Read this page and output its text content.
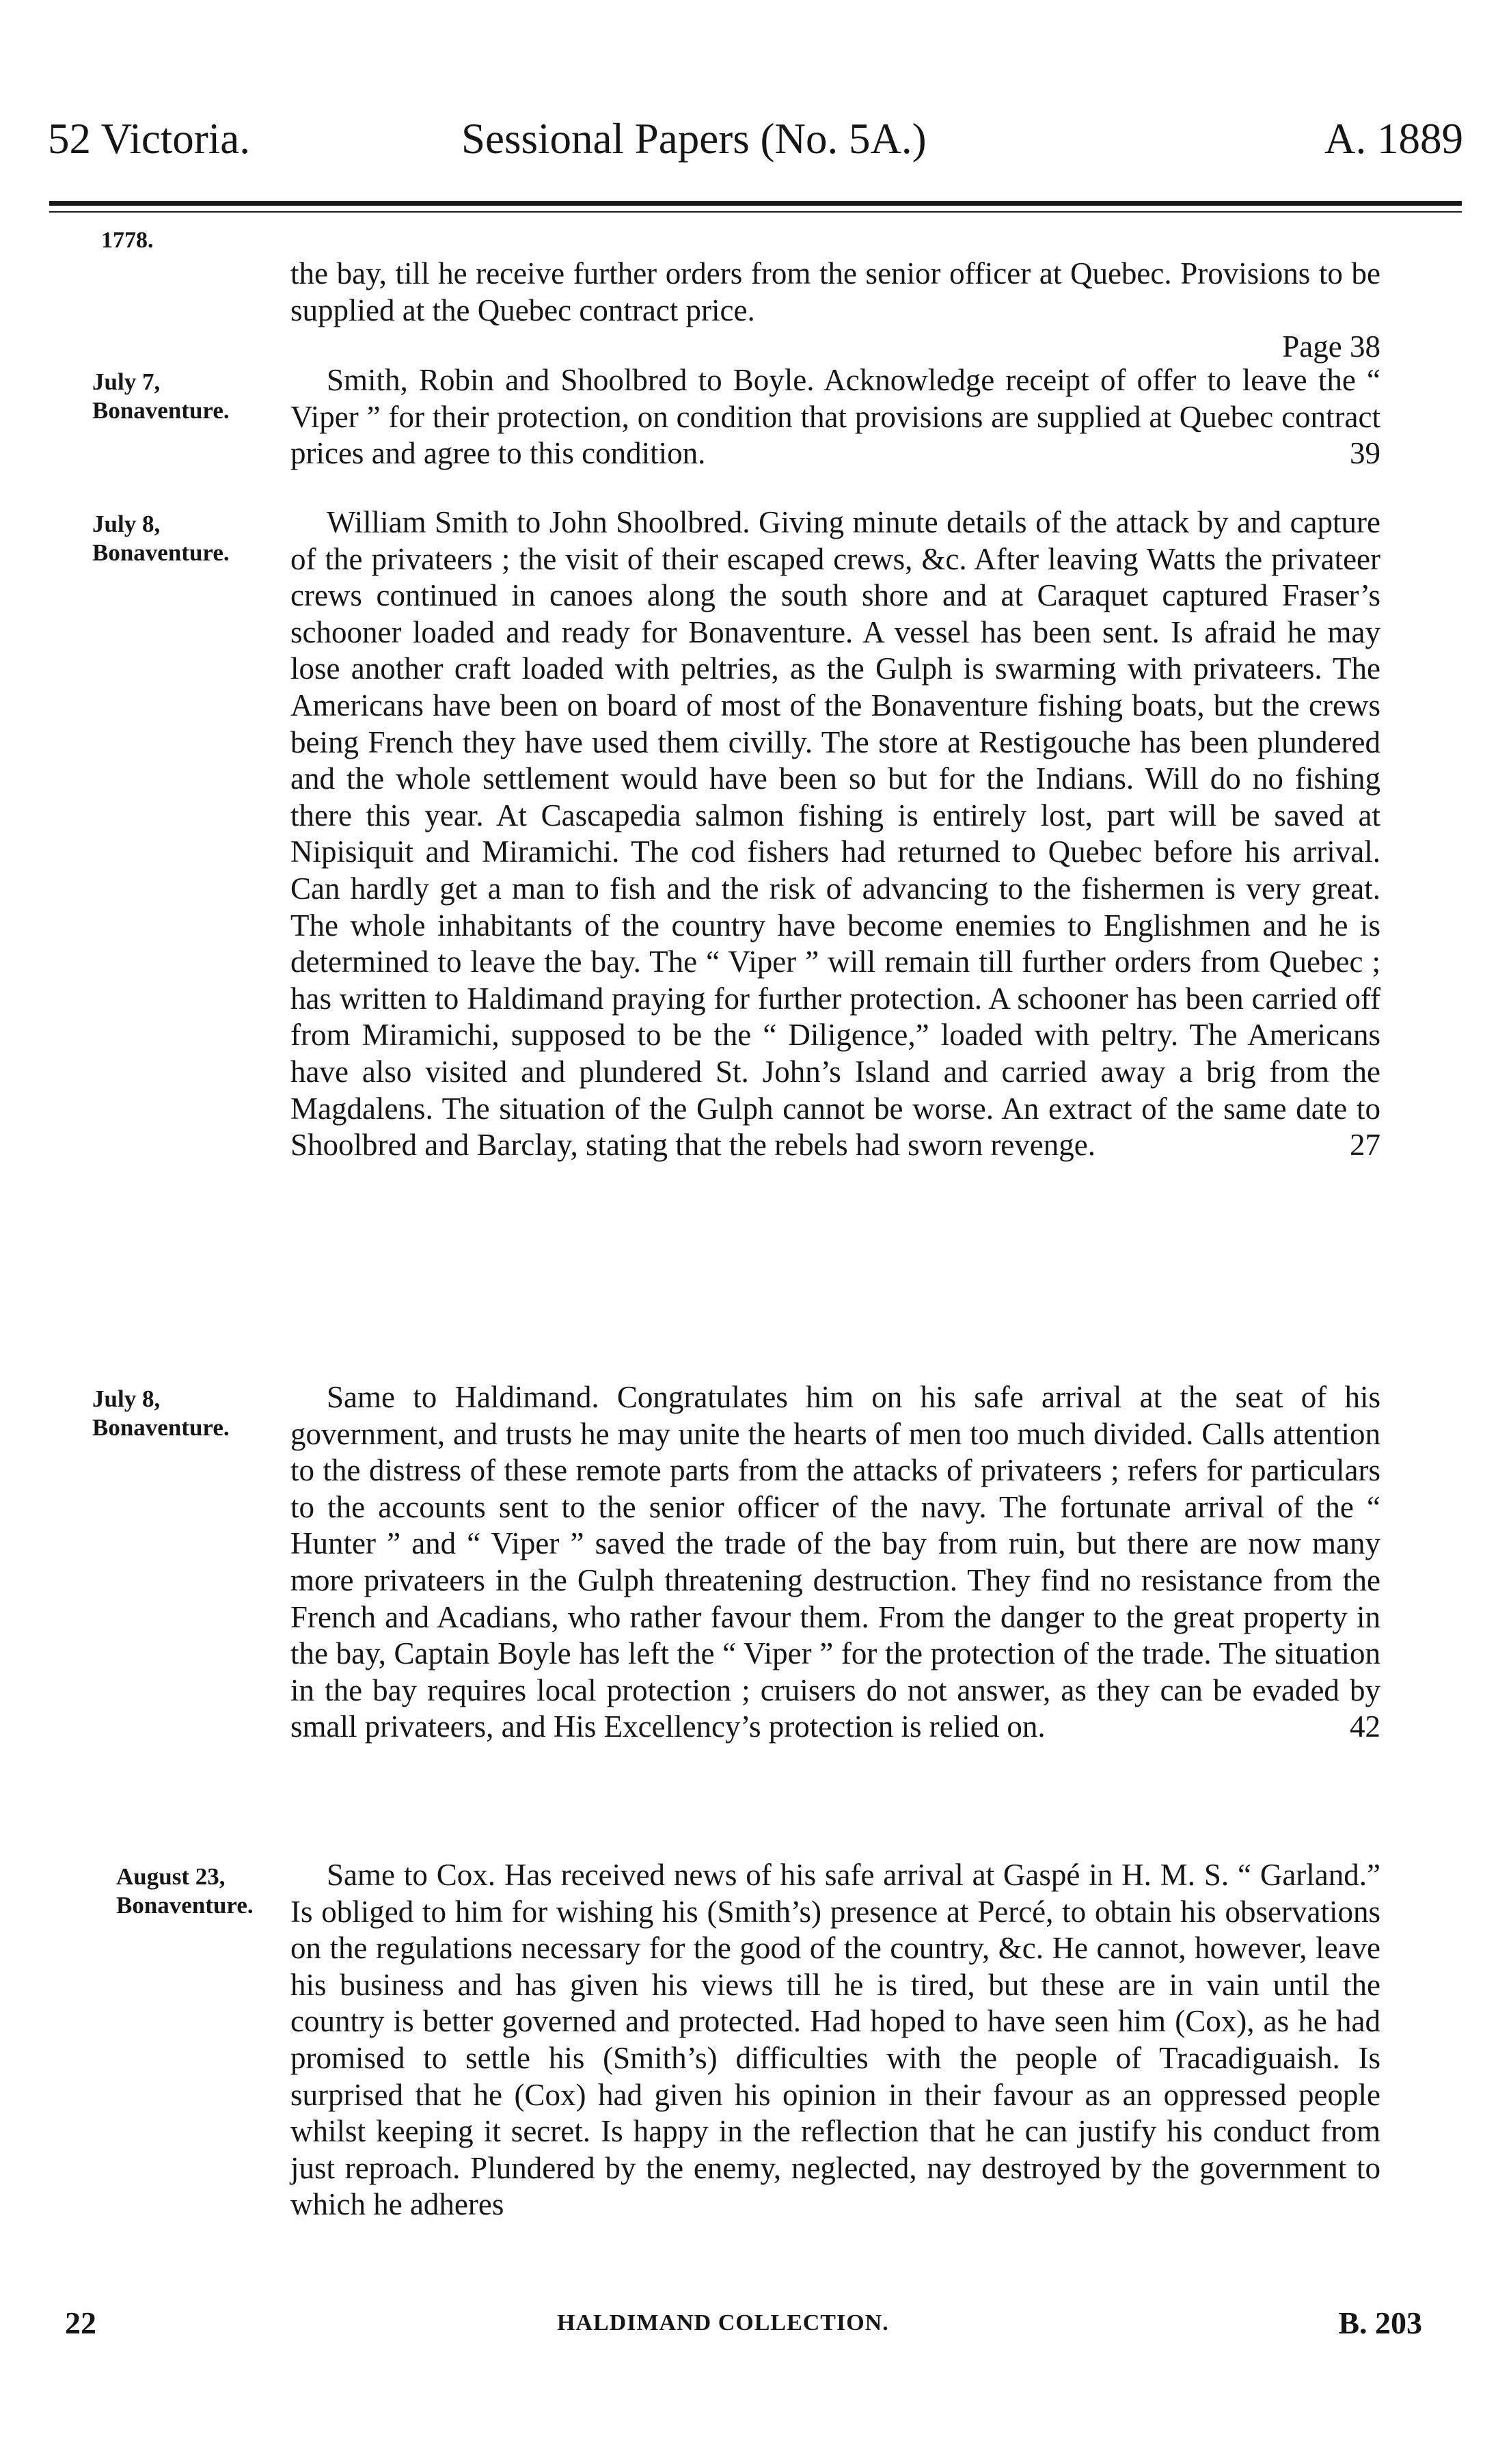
52 Victoria.	Sessional Papers (No. 5A.)	A. 1889
1778.

the bay, till he receive further orders from the senior officer at Quebec. Provisions to be supplied at the Quebec contract price.

Page 38

July 7,
Bonaventure.

Smith, Robin and Shoolbred to Boyle. Acknowledge receipt of offer to leave the “ Viper ” for their protection, on condition that provisions are supplied at Quebec contract prices and agree to this condition.	39

July 8,
Bonaventure.

William Smith to John Shoolbred. Giving minute details of the attack by and capture of the privateers ; the visit of their escaped crews, &c. After leaving Watts the privateer crews continued in canoes along the south shore and at Caraquet captured Fraser’s schooner loaded and ready for Bonaventure. A vessel has been sent. Is afraid he may lose another craft loaded with peltries, as the Gulph is swarming with privateers. The Americans have been on board of most of the Bonaventure fishing boats, but the crews being French they have used them civilly. The store at Restigouche has been plundered and the whole settlement would have been so but for the Indians. Will do no fishing there this year. At Cascapedia salmon fishing is entirely lost, part will be saved at Nipisiquit and Miramichi. The cod fishers had returned to Quebec before his arrival. Can hardly get a man to fish and the risk of advancing to the fishermen is very great. The whole inhabitants of the country have become enemies to Englishmen and he is determined to leave the bay. The “ Viper ” will remain till further orders from Quebec ; has written to Haldimand praying for further protection. A schooner has been carried off from Miramichi, supposed to be the “ Diligence,” loaded with peltry. The Americans have also visited and plundered St. John’s Island and carried away a brig from the Magdalens. The situation of the Gulph cannot be worse. An extract of the same date to Shoolbred and Barclay, stating that the rebels had sworn revenge.	27

July 8,
Bonaventure.

Same to Haldimand. Congratulates him on his safe arrival at the seat of his government, and trusts he may unite the hearts of men too much divided. Calls attention to the distress of these remote parts from the attacks of privateers ; refers for particulars to the accounts sent to the senior officer of the navy. The fortunate arrival of the “ Hunter ” and “ Viper ” saved the trade of the bay from ruin, but there are now many more privateers in the Gulph threatening destruction. They find no resistance from the French and Acadians, who rather favour them. From the danger to the great property in the bay, Captain Boyle has left the “ Viper ” for the protection of the trade. The situation in the bay requires local protection ; cruisers do not answer, as they can be evaded by small privateers, and His Excellency’s protection is relied on.	42

August 23,
Bonaventure.

Same to Cox. Has received news of his safe arrival at Gaspé in H. M. S. “ Garland.” Is obliged to him for wishing his (Smith’s) presence at Percé, to obtain his observations on the regulations necessary for the good of the country, &c. He cannot, however, leave his business and has given his views till he is tired, but these are in vain until the country is better governed and protected. Had hoped to have seen him (Cox), as he had promised to settle his (Smith’s) difficulties with the people of Tracadiguaish. Is surprised that he (Cox) had given his opinion in their favour as an oppressed people whilst keeping it secret. Is happy in the reflection that he can justify his conduct from just reproach. Plundered by the enemy, neglected, nay destroyed by the government to which he adheres

22	HALDIMAND COLLECTION.	B. 203
